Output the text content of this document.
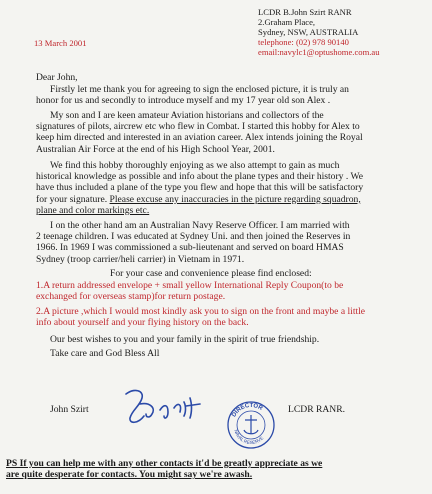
LCDR B.John Szirt RANR
2.Graham Place,
Sydney, NSW, AUSTRALIA
telephone: (02) 978 90140
email:navylc1@optushome.com.au
13 March 2001
Dear John,
Firstly let me thank you for agreeing to sign the enclosed picture, it is truly an
honor for us and secondly to introduce myself and my 17 year old son Alex .
My son and I are keen amateur Aviation historians and collectors of the
signatures of pilots, aircrew etc who flew in Combat. I started this hobby for Alex to
keep him directed and interested in an aviation career. Alex intends joining the Royal
Australian Air Force at the end of his High School Year, 2001.
We find this hobby thoroughly enjoying as we also attempt to gain as much
historical knowledge as possible and info about the plane types and their history . We
have thus included a plane of the type you flew and hope that this will be satisfactory
for your signature. Please excuse any inaccuracies in the picture regarding squadron,
plane and color markings etc.
I on the other hand am an Australian Navy Reserve Officer. I am married with
2 teenage children. I was educated at Sydney Uni. and then joined the Reserves in
1966. In 1969 I was commissioned a sub-lieutenant and served on board HMAS
Sydney (troop carrier/heli carrier) in Vietnam in 1971.
For your case and convenience please find enclosed:
1.A return addressed envelope + small yellow International Reply Coupon(to be
exchanged for overseas stamp)for return postage.
2.A picture ,which I would most kindly ask you to sign on the front and maybe a little
info about yourself and your flying history on the back.
Our best wishes to you and your family in the spirit of true friendship.
Take care and God Bless All
John Szirt	DIRECTOR
NAVAL RESERVE
LCDR RANR.
PS If you can help me with any other contacts it'd be greatly appreciate as we
are quite desperate for contacts. You might say we're awash.
